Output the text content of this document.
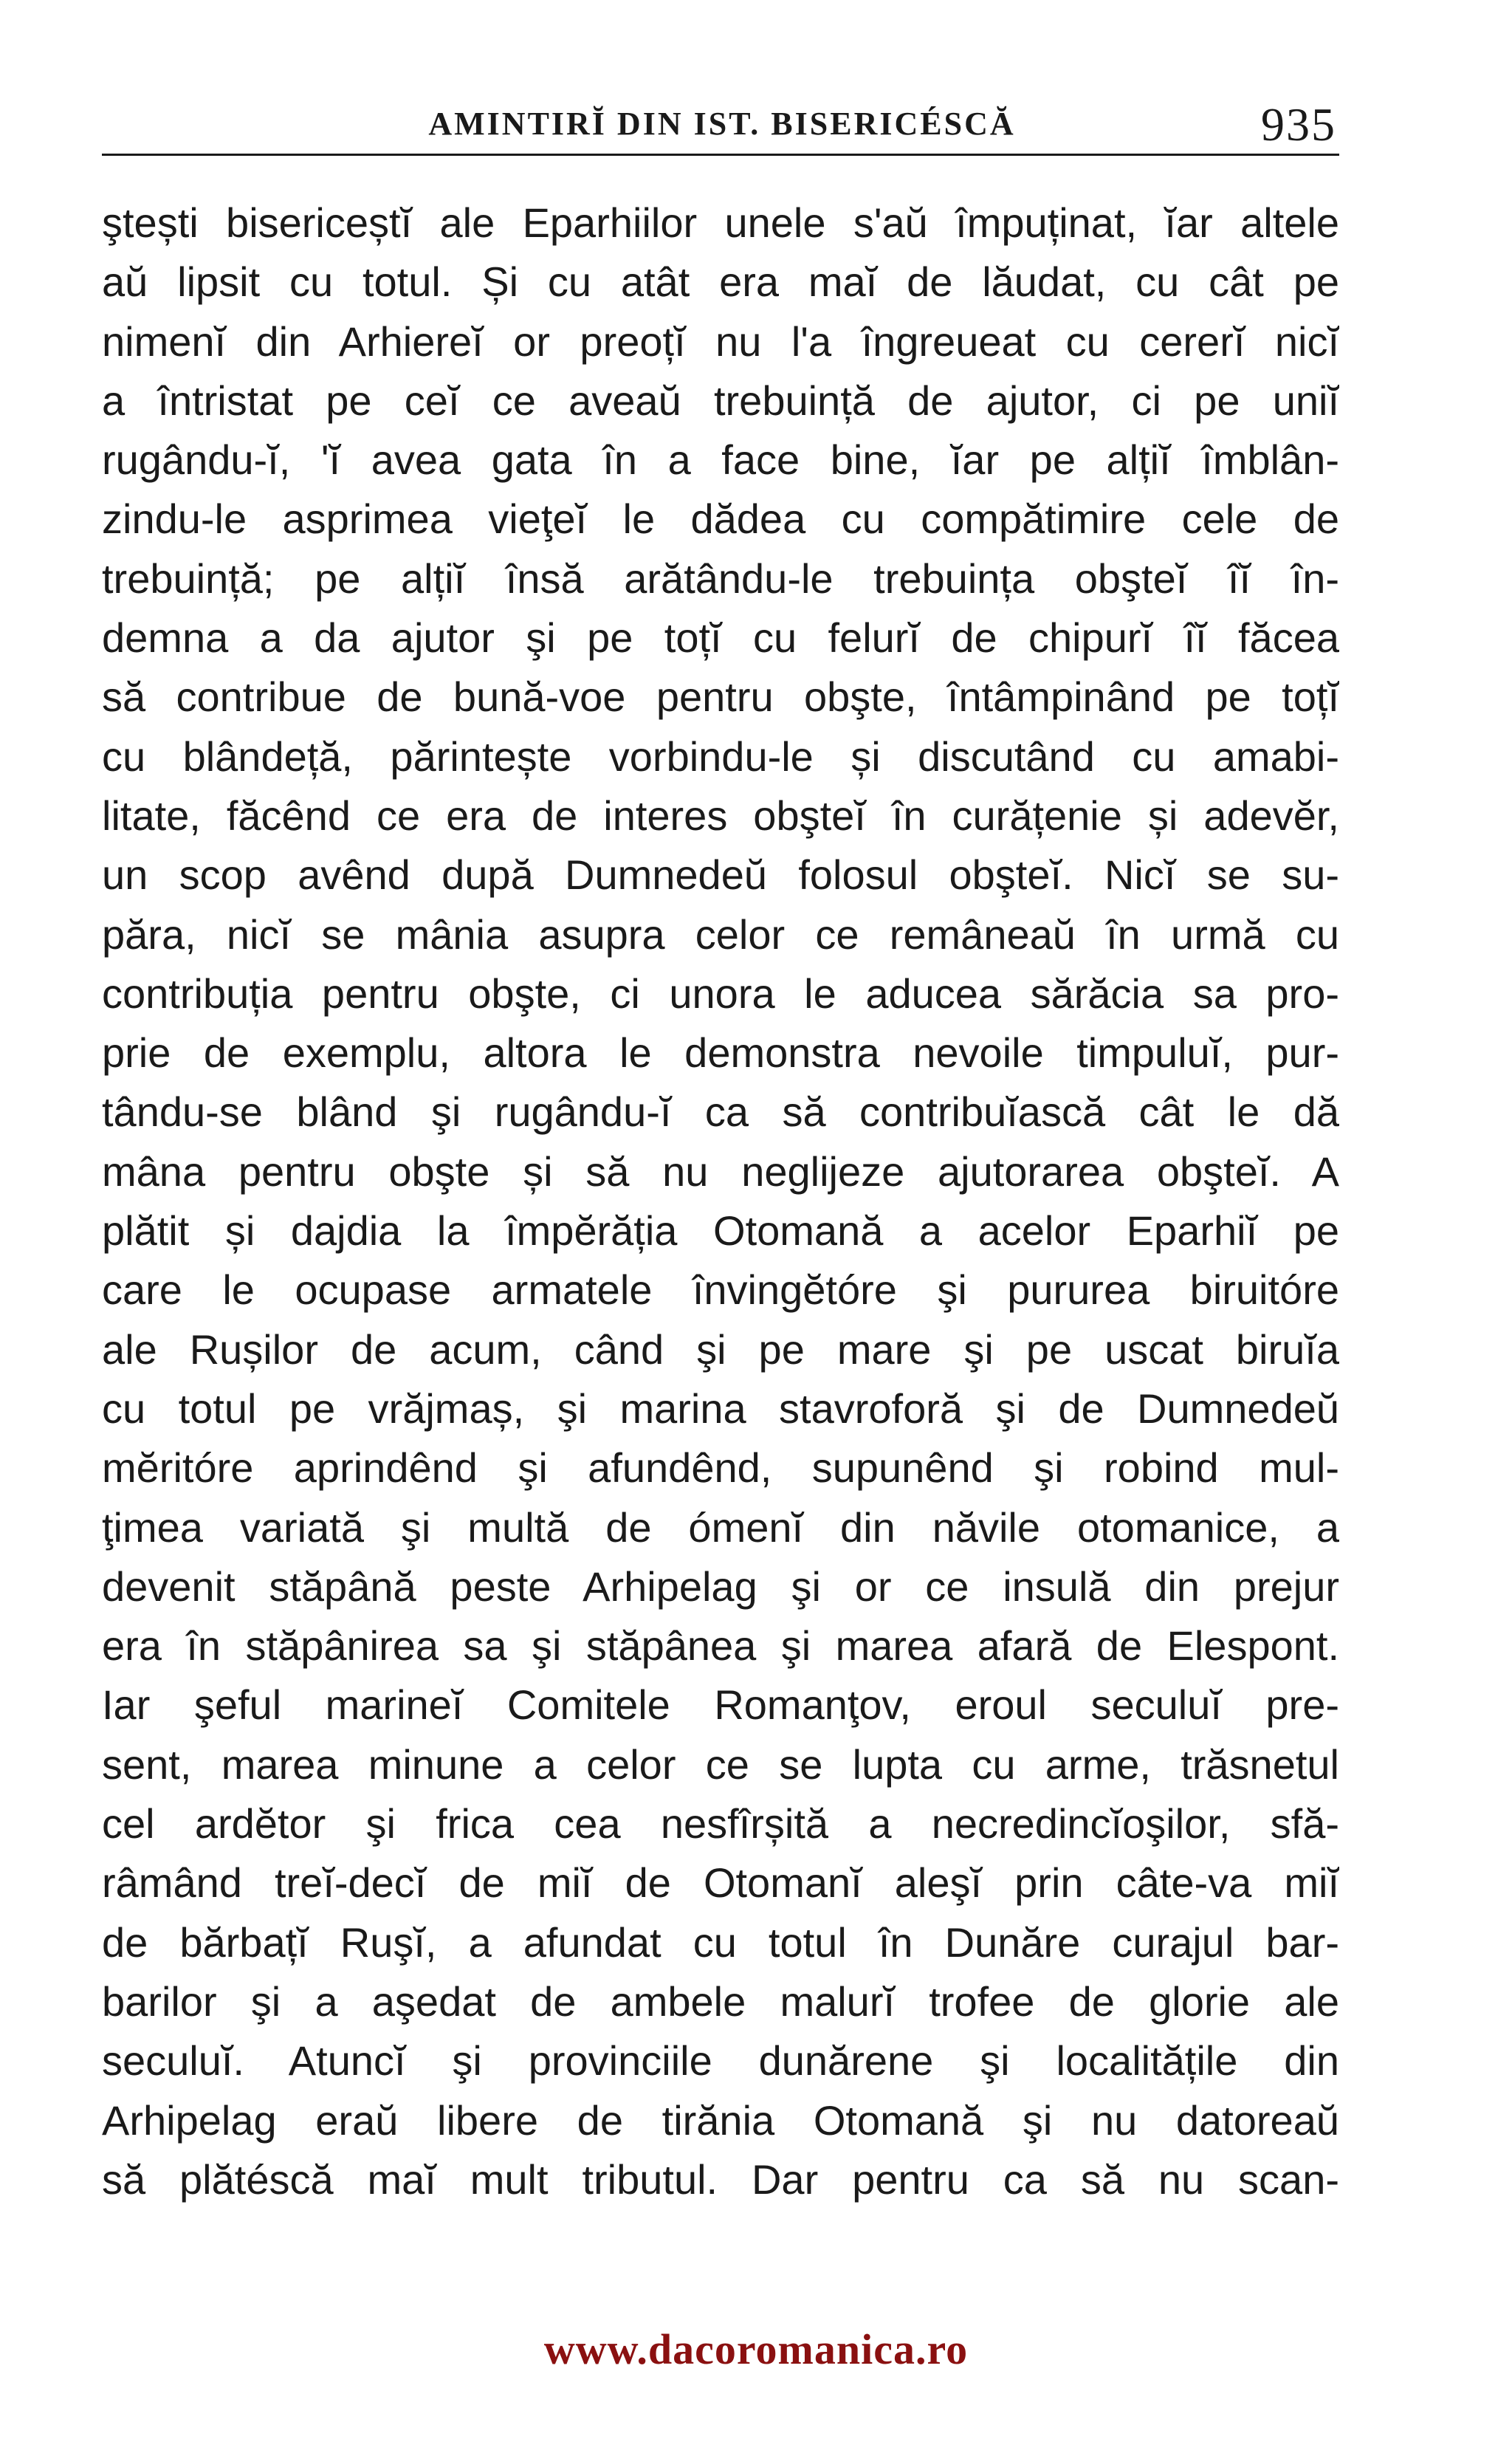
AMINTIRĬ DIN IST. BISERICÉSCĂ	935
ştești bisericeștĭ ale Eparhiilor unele s'aŭ împuținat, ĭar altele
aŭ lipsit cu totul. Și cu atât era maĭ de lăudat, cu cât pe
nimenĭ din Arhiereĭ or preoțĭ nu l'a îngreueat cu cererĭ nicĭ
a întristat pe ceĭ ce aveaŭ trebuință de ajutor, ci pe uniĭ
rugându-ĭ, 'ĭ avea gata în a face bine, ĭar pe alțiĭ îmblân-
zindu-le asprimea vieţeĭ le dădea cu compătimire cele de
trebuință; pe alțiĭ însă arătându-le trebuința obşteĭ îĭ în-
demna a da ajutor şi pe toțĭ cu felurĭ de chipurĭ îĭ făcea
să contribue de bună-voe pentru obşte, întâmpinând pe toțĭ
cu blândeță, părintește vorbindu-le și discutând cu amabi-
litate, făcênd ce era de interes obşteĭ în curățenie și adevĕr,
un scop avênd după Dumnedeŭ folosul obşteĭ. Nicĭ se su-
păra, nicĭ se mânia asupra celor ce remâneaŭ în urmă cu
contribuția pentru obşte, ci unora le aducea sărăcia sa pro-
prie de exemplu, altora le demonstra nevoile timpuluĭ, pur-
tându-se blând şi rugându-ĭ ca să contribuĭască cât le dă
mâna pentru obşte și să nu neglijeze ajutorarea obşteĭ. A
plătit și dajdia la împĕrăția Otomană a acelor Eparhiĭ pe
care le ocupase armatele învingĕtóre şi pururea biruitóre
ale Rușilor de acum, când şi pe mare şi pe uscat biruĭa
cu totul pe vrăjmaș, şi marina stavroforă şi de Dumnedeŭ
mĕritóre aprindênd şi afundênd, supunênd şi robind mul-
ţimea variată şi multă de ómenĭ din năvile otomanice, a
devenit stăpână peste Arhipelag şi or ce insulă din prejur
era în stăpânirea sa şi stăpânea şi marea afară de Elespont.
Iar şeful marineĭ Comitele Romanţov, eroul seculuĭ pre-
sent, marea minune a celor ce se lupta cu arme, trăsnetul
cel ardĕtor şi frica cea nesfîrșită a necredincĭoşilor, sfă-
râmând treĭ-decĭ de miĭ de Otomanĭ aleşĭ prin câte-va miĭ
de bărbațĭ Ruşĭ, a afundat cu totul în Dunăre curajul bar-
barilor şi a aşedat de ambele malurĭ trofee de glorie ale
seculuĭ. Atuncĭ şi provinciile dunărene şi localitățile din
Arhipelag eraŭ libere de tirănia Otomană şi nu datoreaŭ
să plătéscă maĭ mult tributul. Dar pentru ca să nu scan-
www.dacoromanica.ro
